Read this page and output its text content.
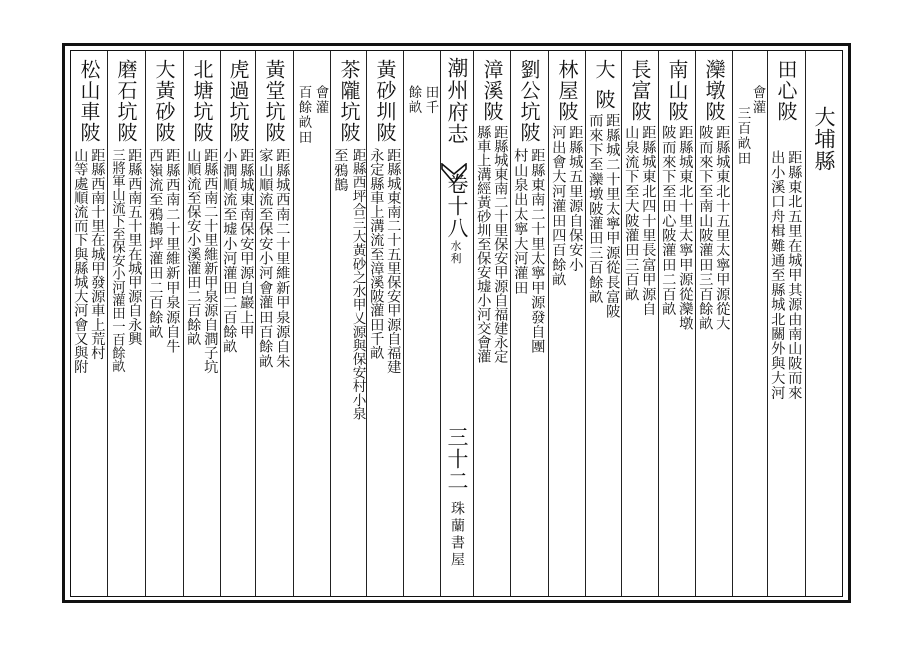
潮州府志
卷十八
水利
三十二
珠蘭書屋
大埔縣
田心陂
距縣東北五里在城甲其源由南山陂而來
出小溪口舟楫難通至縣城北關外與大河
會灌
三百畝田
灤墩陂
距縣城東北十五里太寧甲源從大
陂而來下至南山陂灌田三百餘畝
南山陂
距縣城東北十里太寧甲源從灤墩
陂而來下至田心陂灌田二百畝
長富陂
距縣城東北四十里長富甲源自
山泉流下至大陂灌田三百畝
大陂
距縣城二十里太寧甲源從長富陂
而來下至灤墩陂灌田三百餘畝
林屋陂
距縣城五里源自保安小
河出會大河灌田四百餘畝
劉公坑陂
距縣東南二十里太寧甲源發自團
村山泉出太寧大河灌田
漳溪陂
距縣城東南二十里保安甲源自福建永定
縣車上溝經黃砂圳至保安墟小河交會灌
田千
餘畝
黃砂圳陂
距縣城東南二十五里保安甲源自福建
永定縣車上溝流至漳溪陂灌田千畝
茶隴坑陂
距縣西坪合三大黃砂之水甲乂源與保安村小泉
至鴉鵲
會灌
百餘畝田
黃堂坑陂
距縣城西南二十里維新甲泉源自朱
家山順流至保安小河會灌田百餘畝
虎過坑陂
距縣城東南保安甲源自巖上甲
小澗順流至墟小河灌田二百餘畝
北塘坑陂
距縣西南二十里維新甲泉源自澗子坑
山順流至保安小溪灌田二百餘畝
大黃砂陂
距縣西南二十里維新甲泉源自牛
西嶺流至鴉鵲坪灌田二百餘畝
磨石坑陂
距縣西南五十里在城甲源自永興
三將軍山流下至保安小河灌田一百餘畝
松山車陂
距縣西南十里在城甲發源車上荒村
山等處順流而下與縣城大河會又與附
